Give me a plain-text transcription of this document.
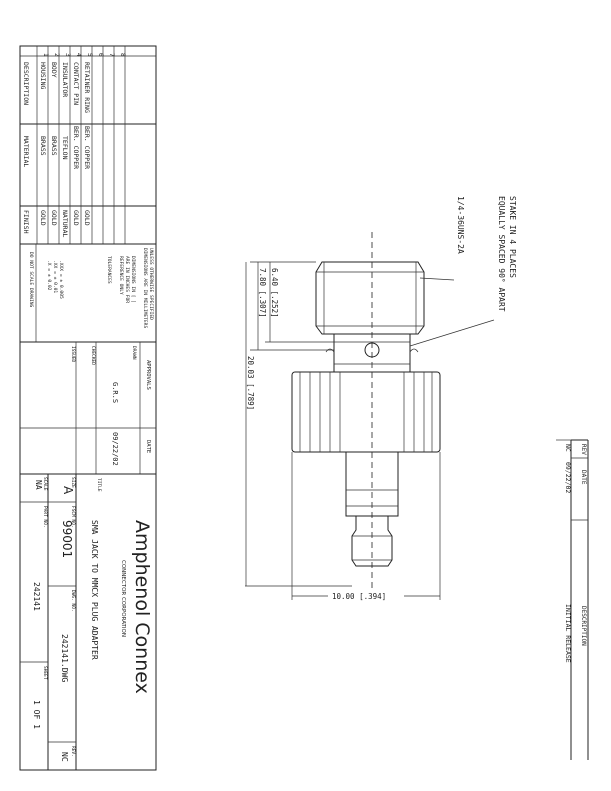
1 2 3 4 5 6 7 8
DESCRIPTION HOUSING BODY INSULATOR CONTACT PIN RETAINER RING
MATERIAL BRASS BRASS TEFLON BER. COPPER BER. COPPER
FINISH GOLD GOLD NATURAL GOLD GOLD
UNLESS OTHERWISE SPECIFIED
DIMENSIONS ARE IN MILLIMETERS
DIMENSIONS IN [ ]
ARE IN INCHES FOR
REFERENCE ONLY
TOLERANCES
.XXX = ± 0.005
.XX = ± 0.01
.X = ± 0.02
DO NOT SCALE DRAWING
APPROVALS
DATE
DRAWN
G.R.S
09/22/02
CHECKED
ISSUED
Amphenol Connex
CONNECTOR CORPORATION
TITLE
SMA JACK TO MMCX PLUG ADAPTER
SIZE
A
FSCM NO.
99001
DWG. NO.
242141.DWG
REV.
NC
SCALE
NA
PART NO.
242141
SHEET
1 OF 1
REV
DATE
DESCRIPTION
NC
09/22/02
INITIAL RELEASE
STAKE IN 4 PLACES
EQUALLY SPACED 90° APART
1/4-36UNS-2A
6.40 [.252]
7.80 [.307]
20.03 [.789]
10.00 [.394]
